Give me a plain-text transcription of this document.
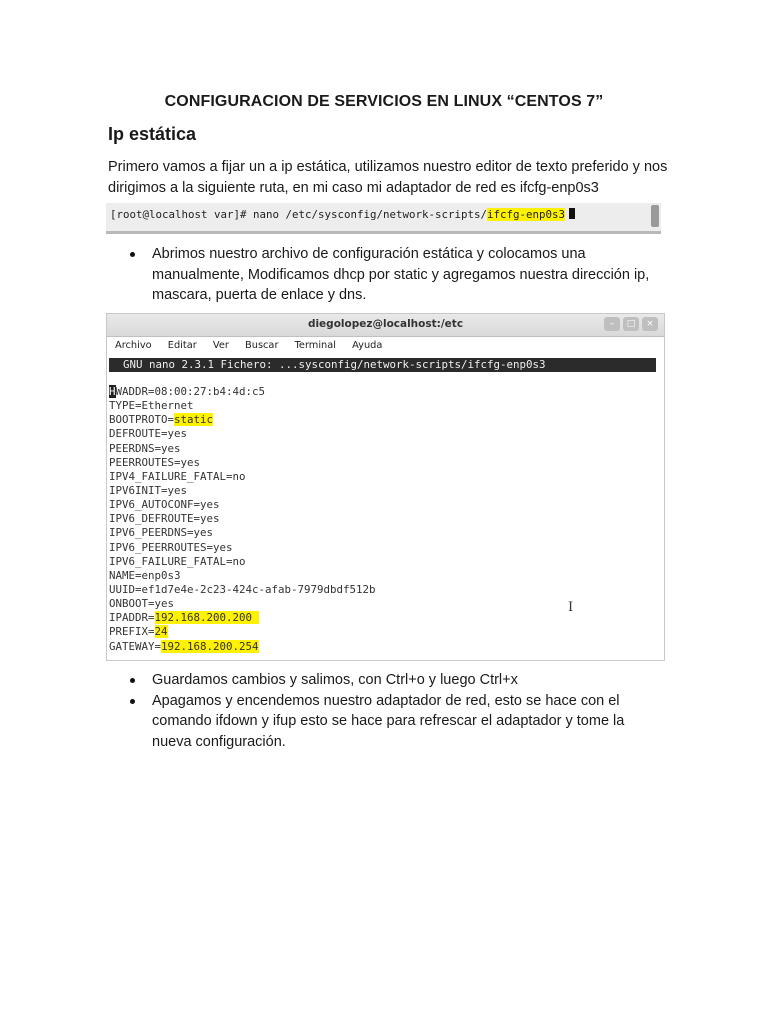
CONFIGURACION DE SERVICIOS EN LINUX “CENTOS 7”
Ip estática
Primero vamos a fijar un a ip estática, utilizamos nuestro editor de texto preferido y nos dirigimos a la siguiente ruta, en mi caso mi adaptador de red es ifcfg-enp0s3
[root@localhost var]# nano /etc/sysconfig/network-scripts/ifcfg-enp0s3
Abrimos nuestro archivo de configuración estática y colocamos una manualmente, Modificamos dhcp por static y agregamos nuestra dirección ip, mascara, puerta de enlace y dns.
diegolopez@localhost:/etc	–	□	×
Archivo Editar Ver Buscar Terminal Ayuda
GNU nano 2.3.1 Fichero: ...sysconfig/network-scripts/ifcfg-enp0s3
HWADDR=08:00:27:b4:4d:c5
TYPE=Ethernet
BOOTPROTO=static
DEFROUTE=yes
PEERDNS=yes
PEERROUTES=yes
IPV4_FAILURE_FATAL=no
IPV6INIT=yes
IPV6_AUTOCONF=yes
IPV6_DEFROUTE=yes
IPV6_PEERDNS=yes
IPV6_PEERROUTES=yes
IPV6_FAILURE_FATAL=no
NAME=enp0s3
UUID=ef1d7e4e-2c23-424c-afab-7979dbdf512b
ONBOOT=yes
IPADDR=192.168.200.200
PREFIX=24
GATEWAY=192.168.200.254
I
Guardamos cambios y salimos, con Ctrl+o y luego Ctrl+x
Apagamos y encendemos nuestro adaptador de red, esto se hace con el comando ifdown y ifup esto se hace para refrescar el adaptador y tome la nueva configuración.
